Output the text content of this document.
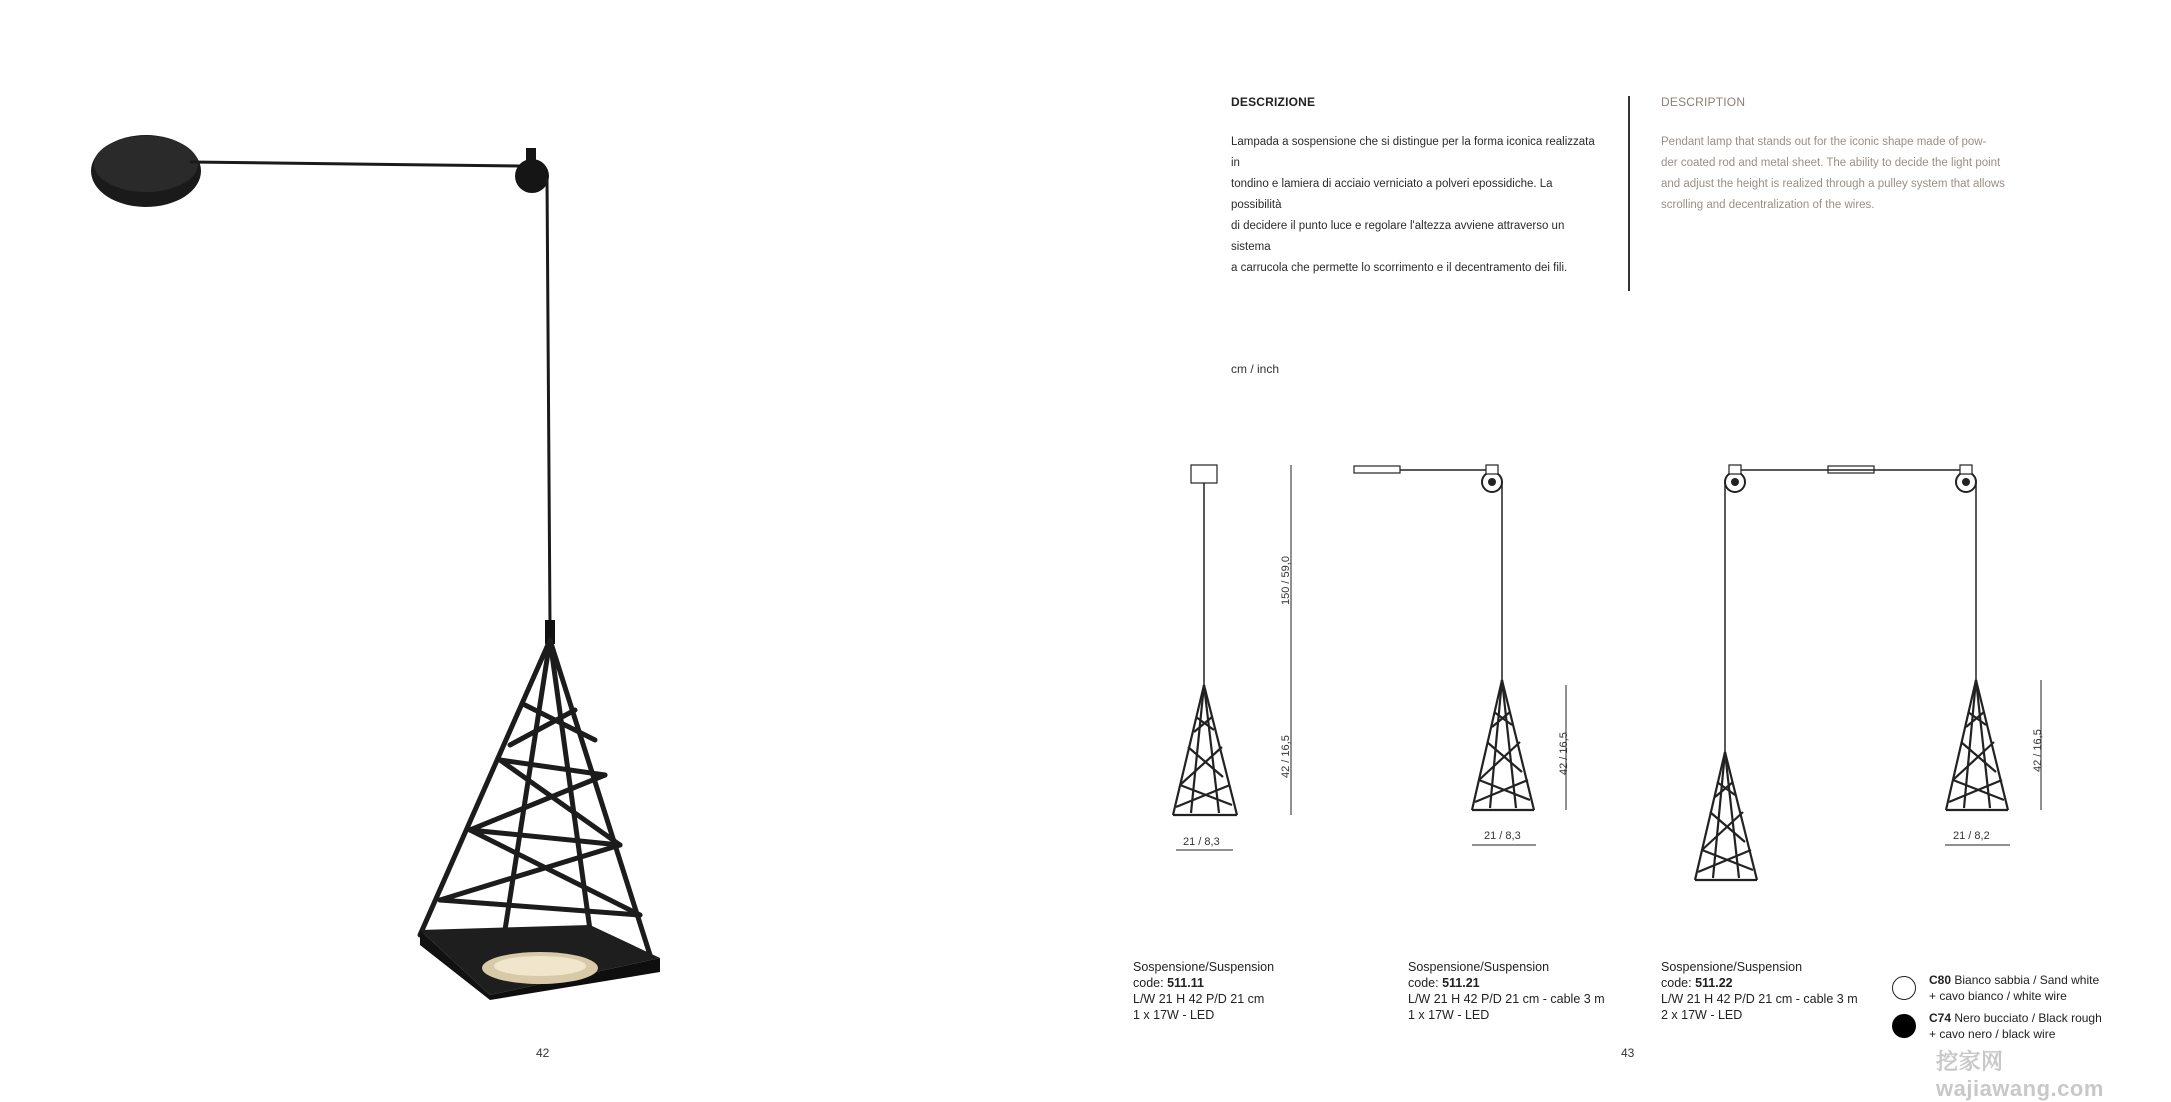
42
DESCRIZIONE
Lampada a sospensione che si distingue per la forma iconica realizzata in
tondino e lamiera di acciaio verniciato a polveri epossidiche. La possibilità
di decidere il punto luce e regolare l'altezza avviene attraverso un sistema
a carrucola che permette lo scorrimento e il decentramento dei fili.
DESCRIPTION
Pendant lamp that stands out for the iconic shape made of pow-
der coated rod and metal sheet. The ability to decide the light point
and adjust the height is realized through a pulley system that allows
scrolling and decentralization of the wires.
cm / inch
150 / 59,0
42 / 16,5
21 / 8,3
42 / 16,5
21 / 8,3
42 / 16,5
21 / 8,2
Sospensione/Suspension
code: 511.11
L/W 21 H 42 P/D 21 cm
1 x 17W - LED
Sospensione/Suspension
code: 511.21
L/W 21 H 42 P/D 21 cm - cable 3 m
1 x 17W - LED
Sospensione/Suspension
code: 511.22
L/W 21 H 42 P/D 21 cm - cable 3 m
2 x 17W - LED
C80 Bianco sabbia / Sand white
+ cavo bianco / white wire
C74 Nero bucciato / Black rough
+ cavo nero / black wire
43	挖家网 wajiawang.com
